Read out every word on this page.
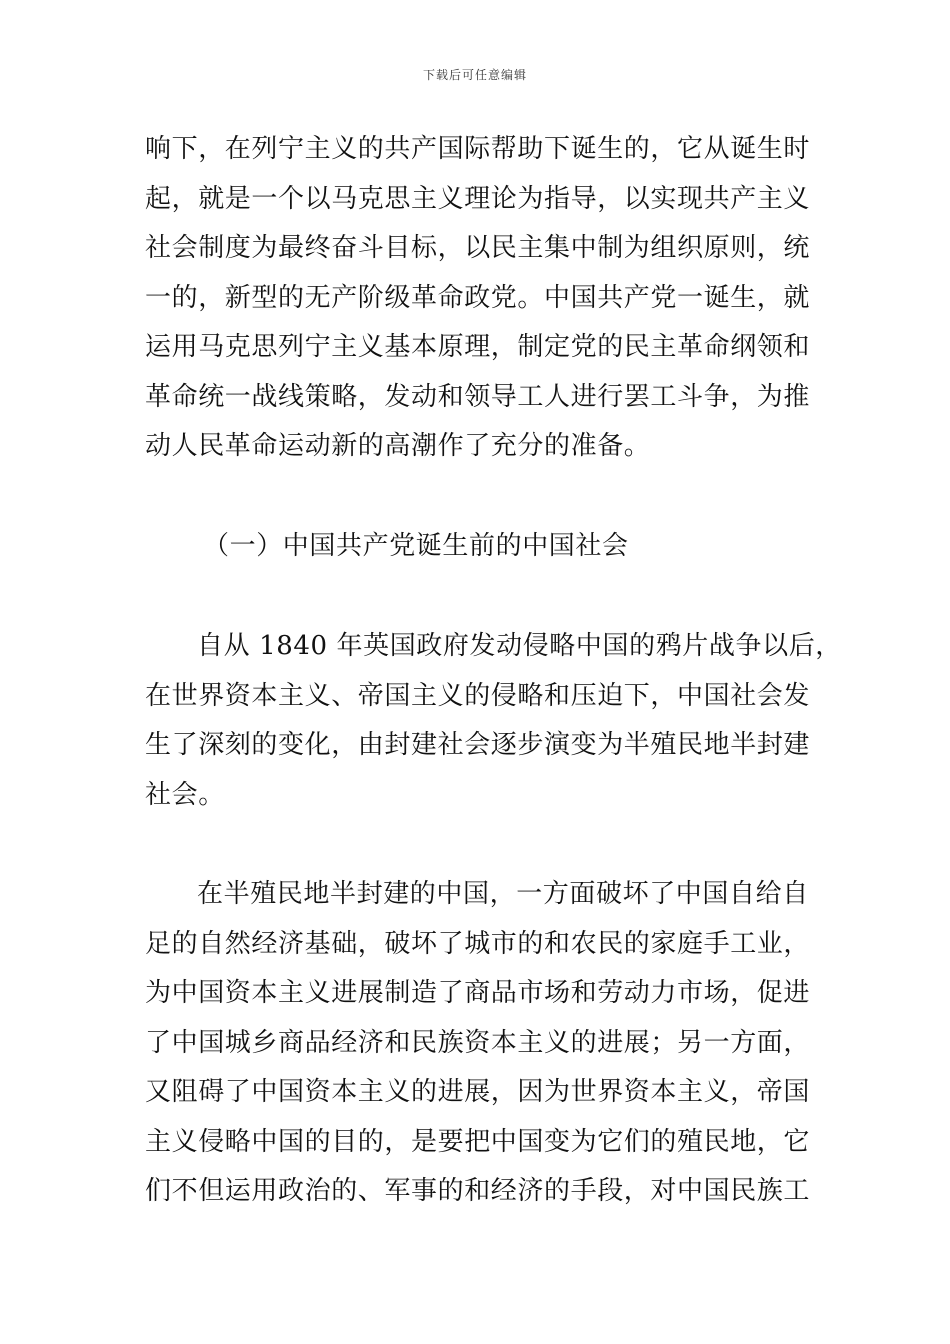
下载后可任意编辑
响下，在列宁主义的共产国际帮助下诞生的，它从诞生时
起，就是一个以马克思主义理论为指导，以实现共产主义
社会制度为最终奋斗目标，以民主集中制为组织原则，统
一的，新型的无产阶级革命政党。中国共产党一诞生，就
运用马克思列宁主义基本原理，制定党的民主革命纲领和
革命统一战线策略，发动和领导工人进行罢工斗争，为推
动人民革命运动新的高潮作了充分的准备。
（一）中国共产党诞生前的中国社会
自从 1840 年英国政府发动侵略中国的鸦片战争以后，
在世界资本主义、帝国主义的侵略和压迫下，中国社会发
生了深刻的变化，由封建社会逐步演变为半殖民地半封建
社会。
在半殖民地半封建的中国，一方面破坏了中国自给自
足的自然经济基础，破坏了城市的和农民的家庭手工业，
为中国资本主义进展制造了商品市场和劳动力市场，促进
了中国城乡商品经济和民族资本主义的进展；另一方面，
又阻碍了中国资本主义的进展，因为世界资本主义，帝国
主义侵略中国的目的，是要把中国变为它们的殖民地，它
们不但运用政治的、军事的和经济的手段，对中国民族工
